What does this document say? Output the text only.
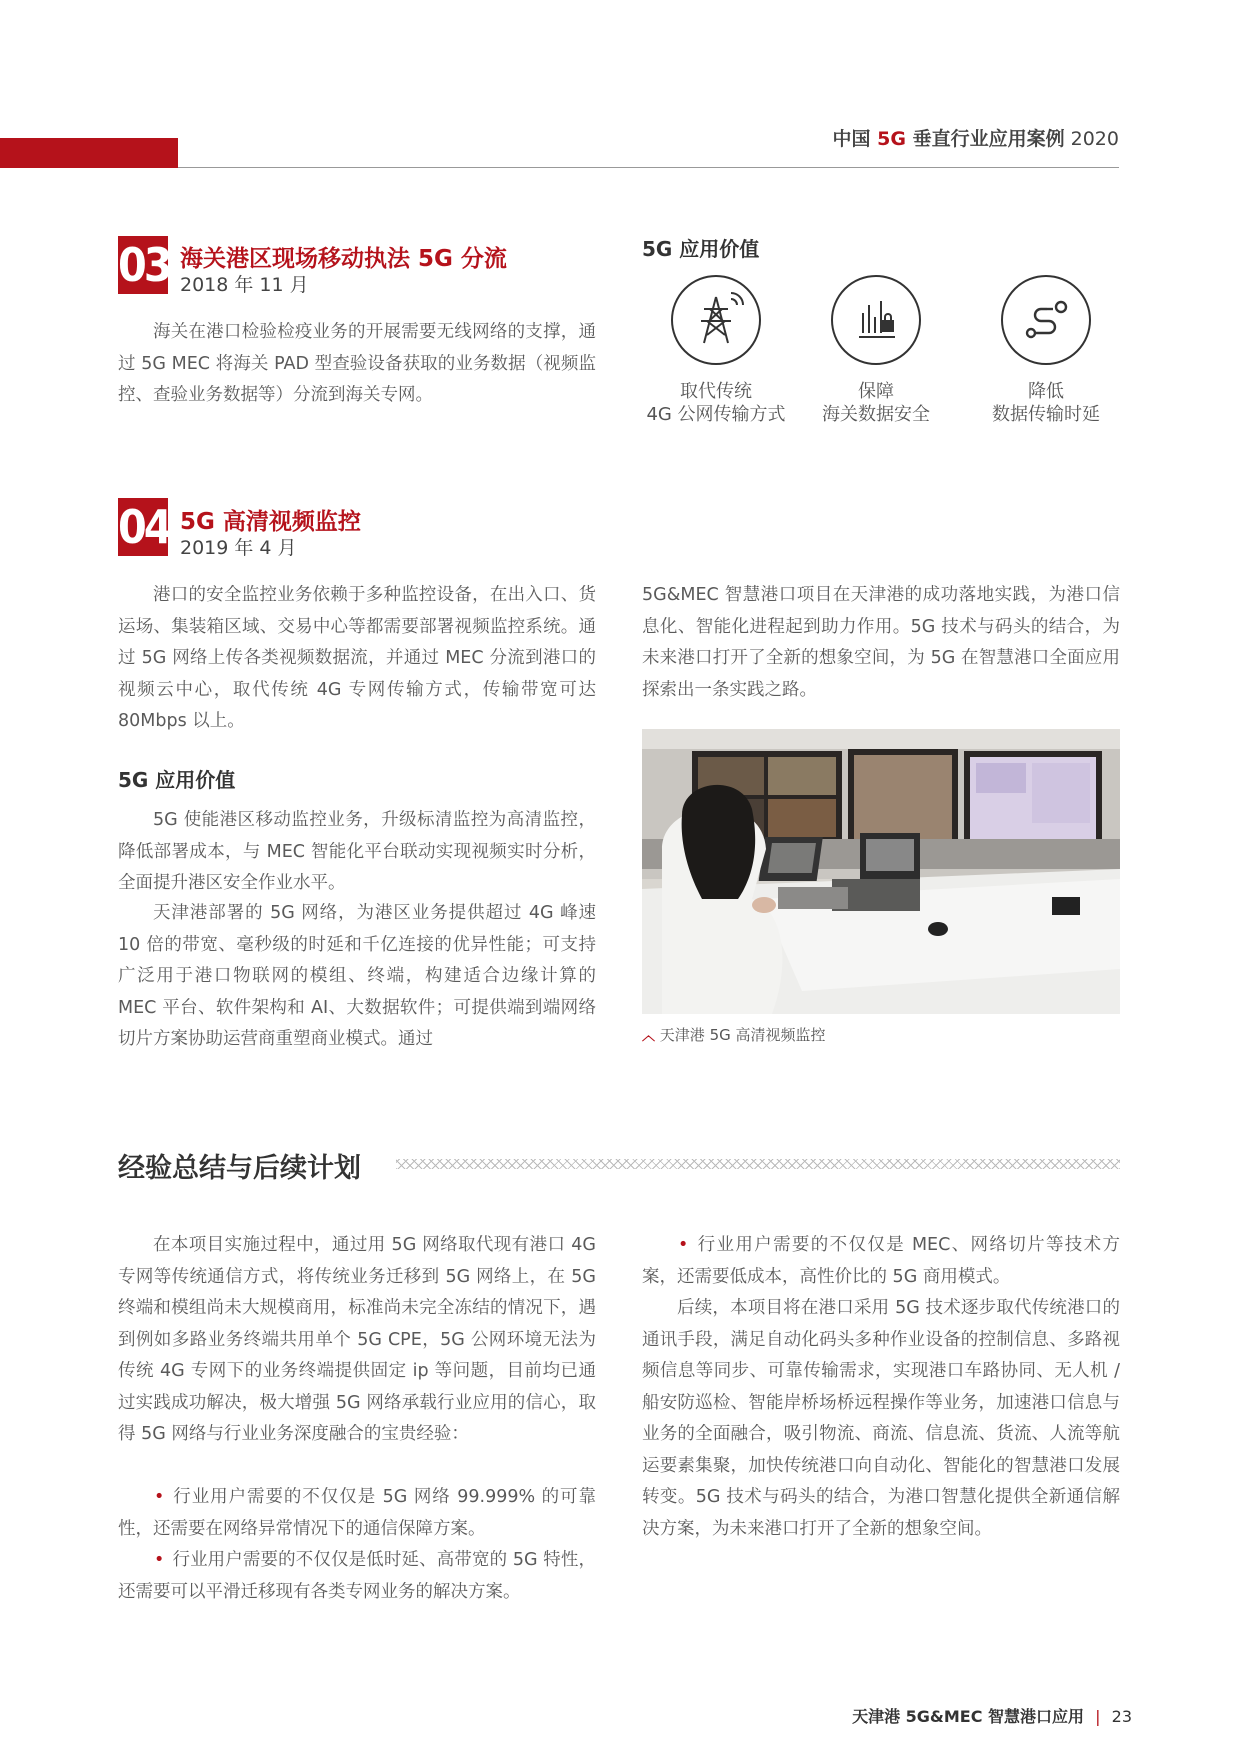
中国 5G 垂直行业应用案例 2020
03 海关港区现场移动执法 5G 分流
2018 年 11 月
海关在港口检验检疫业务的开展需要无线网络的支撑，通过 5G MEC 将海关 PAD 型查验设备获取的业务数据（视频监控、查验业务数据等）分流到海关专网。
5G 应用价值
取代传统
4G 公网传输方式
保障
海关数据安全
降低
数据传输时延
04 5G 高清视频监控
2019 年 4 月
港口的安全监控业务依赖于多种监控设备，在出入口、货运场、集装箱区域、交易中心等都需要部署视频监控系统。通过 5G 网络上传各类视频数据流，并通过 MEC 分流到港口的视频云中心，取代传统 4G 专网传输方式，传输带宽可达 80Mbps 以上。
5G 应用价值
5G 使能港区移动监控业务，升级标清监控为高清监控，降低部署成本，与 MEC 智能化平台联动实现视频实时分析，全面提升港区安全作业水平。
天津港部署的 5G 网络，为港区业务提供超过 4G 峰速 10 倍的带宽、毫秒级的时延和千亿连接的优异性能；可支持广泛用于港口物联网的模组、终端，构建适合边缘计算的 MEC 平台、软件架构和 AI、大数据软件；可提供端到端网络切片方案协助运营商重塑商业模式。通过
5G&MEC 智慧港口项目在天津港的成功落地实践，为港口信息化、智能化进程起到助力作用。5G 技术与码头的结合，为未来港口打开了全新的想象空间，为 5G 在智慧港口全面应用探索出一条实践之路。
︿ 天津港 5G 高清视频监控
经验总结与后续计划
在本项目实施过程中，通过用 5G 网络取代现有港口 4G 专网等传统通信方式，将传统业务迁移到 5G 网络上，在 5G 终端和模组尚未大规模商用，标准尚未完全冻结的情况下，遇到例如多路业务终端共用单个 5G CPE，5G 公网环境无法为传统 4G 专网下的业务终端提供固定 ip 等问题，目前均已通过实践成功解决，极大增强 5G 网络承载行业应用的信心，取得 5G 网络与行业业务深度融合的宝贵经验：
• 行业用户需要的不仅仅是 5G 网络 99.999% 的可靠性，还需要在网络异常情况下的通信保障方案。
• 行业用户需要的不仅仅是低时延、高带宽的 5G 特性，还需要可以平滑迁移现有各类专网业务的解决方案。
• 行业用户需要的不仅仅是 MEC、网络切片等技术方案，还需要低成本，高性价比的 5G 商用模式。
后续，本项目将在港口采用 5G 技术逐步取代传统港口的通讯手段，满足自动化码头多种作业设备的控制信息、多路视频信息等同步、可靠传输需求，实现港口车路协同、无人机 / 船安防巡检、智能岸桥场桥远程操作等业务，加速港口信息与业务的全面融合，吸引物流、商流、信息流、货流、人流等航运要素集聚，加快传统港口向自动化、智能化的智慧港口发展转变。5G 技术与码头的结合，为港口智慧化提供全新通信解决方案，为未来港口打开了全新的想象空间。
天津港 5G&MEC 智慧港口应用 | 23
